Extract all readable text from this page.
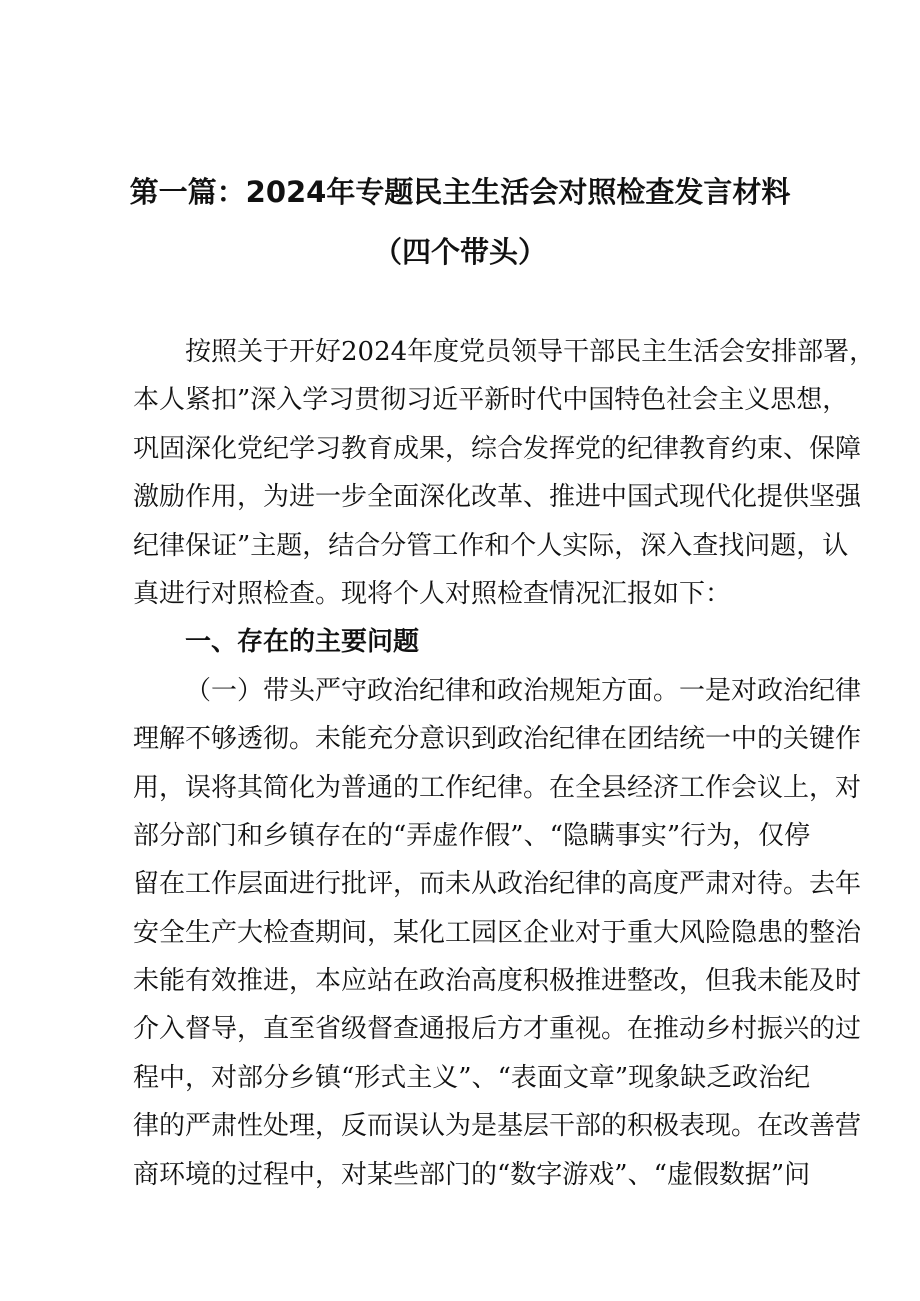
第一篇：2024年专题民主生活会对照检查发言材料
（四个带头）
按照关于开好2024年度党员领导干部民主生活会安排部署，
本人紧扣”深入学习贯彻习近平新时代中国特色社会主义思想，
巩固深化党纪学习教育成果，综合发挥党的纪律教育约束、保障
激励作用，为进一步全面深化改革、推进中国式现代化提供坚强
纪律保证”主题，结合分管工作和个人实际，深入查找问题，认
真进行对照检查。现将个人对照检查情况汇报如下：
一、存在的主要问题
（一）带头严守政治纪律和政治规矩方面。一是对政治纪律
理解不够透彻。未能充分意识到政治纪律在团结统一中的关键作
用，误将其简化为普通的工作纪律。在全县经济工作会议上，对
部分部门和乡镇存在的“弄虚作假”、“隐瞒事实”行为，仅停
留在工作层面进行批评，而未从政治纪律的高度严肃对待。去年
安全生产大检查期间，某化工园区企业对于重大风险隐患的整治
未能有效推进，本应站在政治高度积极推进整改，但我未能及时
介入督导，直至省级督查通报后方才重视。在推动乡村振兴的过
程中，对部分乡镇“形式主义”、“表面文章”现象缺乏政治纪
律的严肃性处理，反而误认为是基层干部的积极表现。在改善营
商环境的过程中，对某些部门的“数字游戏”、“虚假数据”问
